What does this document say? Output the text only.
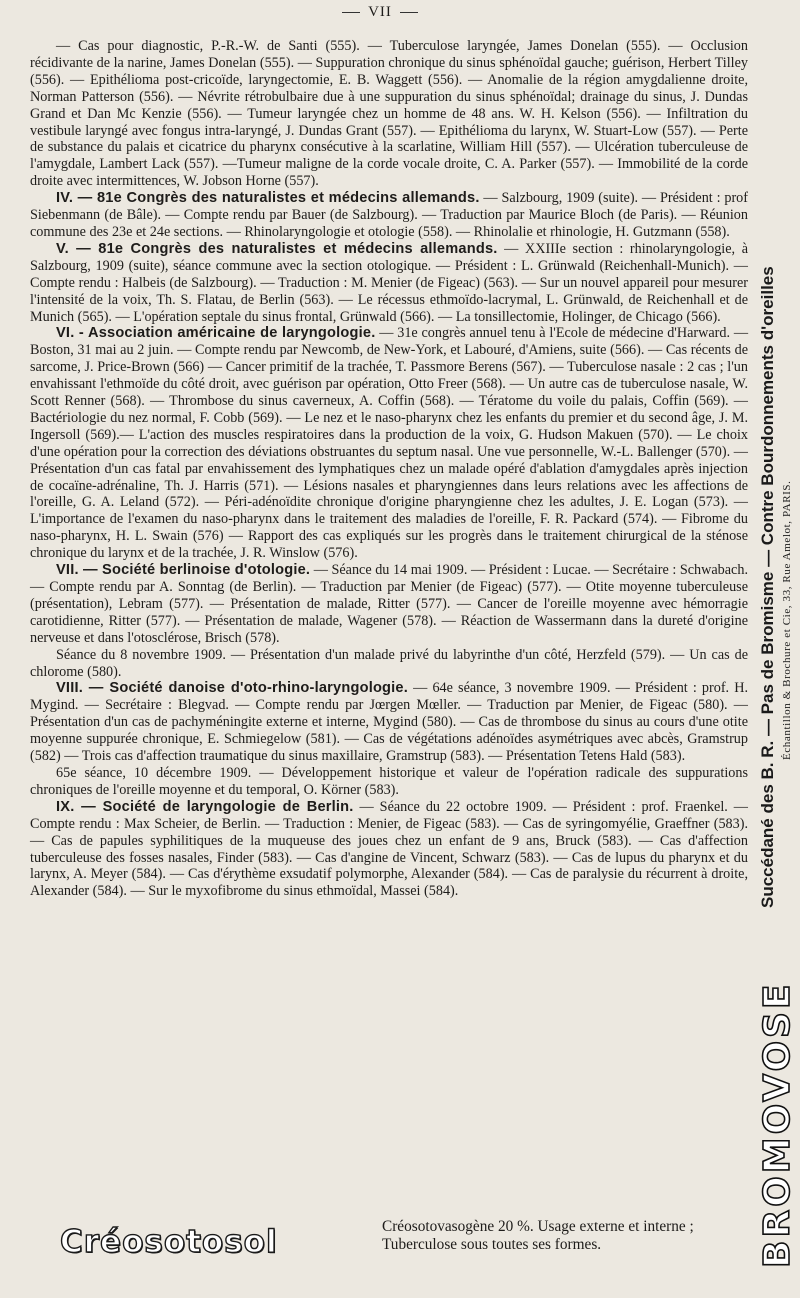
VII

— Cas pour diagnostic, P.-R.-W. de Santi (555). — Tuberculose laryngée, James Donelan (555). — Occlusion récidivante de la narine, James Donelan (555). — Suppuration chronique du sinus sphénoïdal gauche; guérison, Herbert Tilley (556). — Epithélioma post-cricoïde, laryngectomie, E. B. Waggett (556). — Anomalie de la région amygdalienne droite, Norman Patterson (556). — Névrite rétrobulbaire due à une suppuration du sinus sphénoïdal; drainage du sinus, J. Dundas Grand et Dan Mc Kenzie (556). — Tumeur laryngée chez un homme de 48 ans. W. H. Kelson (556). — Infiltration du vestibule laryngé avec fongus intra-laryngé, J. Dundas Grant (557). — Epithélioma du larynx, W. Stuart-Low (557). — Perte de substance du palais et cicatrice du pharynx consécutive à la scarlatine, William Hill (557). — Ulcération tuberculeuse de l'amygdale, Lambert Lack (557). —Tumeur maligne de la corde vocale droite, C. A. Parker (557). — Immobilité de la corde droite avec intermittences, W. Jobson Horne (557).

IV. — 81e Congrès des naturalistes et médecins allemands. — Salzbourg, 1909 (suite). — Président : prof Siebenmann (de Bâle). — Compte rendu par Bauer (de Salzbourg). — Traduction par Maurice Bloch (de Paris). — Réunion commune des 23e et 24e sections. — Rhinolaryngologie et otologie (558). — Rhinolalie et rhinologie, H. Gutzmann (558).

V. — 81e Congrès des naturalistes et médecins allemands. — XXIIIe section : rhinolaryngologie, à Salzbourg, 1909 (suite), séance commune avec la section otologique. — Président : L. Grünwald (Reichenhall-Munich). — Compte rendu : Halbeis (de Salzbourg). — Traduction : M. Menier (de Figeac) (563). — Sur un nouvel appareil pour mesurer l'intensité de la voix, Th. S. Flatau, de Berlin (563). — Le récessus ethmoïdo-lacrymal, L. Grünwald, de Reichenhall et de Munich (565). — L'opération septale du sinus frontal, Grünwald (566). — La tonsillectomie, Holinger, de Chicago (566).

VI. - Association américaine de laryngologie. — 31e congrès annuel tenu à l'Ecole de médecine d'Harward. — Boston, 31 mai au 2 juin. — Compte rendu par Newcomb, de New-York, et Labouré, d'Amiens, suite (566). — Cas récents de sarcome, J. Price-Brown (566) — Cancer primitif de la trachée, T. Passmore Berens (567). — Tuberculose nasale : 2 cas ; l'un envahissant l'ethmoïde du côté droit, avec guérison par opération, Otto Freer (568). — Un autre cas de tuberculose nasale, W. Scott Renner (568). — Thrombose du sinus caverneux, A. Coffin (568). — Tératome du voile du palais, Coffin (569). — Bactériologie du nez normal, F. Cobb (569). — Le nez et le naso-pharynx chez les enfants du premier et du second âge, J. M. Ingersoll (569).— L'action des muscles respiratoires dans la production de la voix, G. Hudson Makuen (570). — Le choix d'une opération pour la correction des déviations obstruantes du septum nasal. Une vue personnelle, W.-L. Ballenger (570). — Présentation d'un cas fatal par envahissement des lymphatiques chez un malade opéré d'ablation d'amygdales après injection de cocaïne-adrénaline, Th. J. Harris (571). — Lésions nasales et pharyngiennes dans leurs relations avec les affections de l'oreille, G. A. Leland (572). — Péri-adénoïdite chronique d'origine pharyngienne chez les adultes, J. E. Logan (573). — L'importance de l'examen du naso-pharynx dans le traitement des maladies de l'oreille, F. R. Packard (574). — Fibrome du naso-pharynx, H. L. Swain (576) — Rapport des cas expliqués sur les progrès dans le traitement chirurgical de la sténose chronique du larynx et de la trachée, J. R. Winslow (576).

VII. — Société berlinoise d'otologie. — Séance du 14 mai 1909. — Président : Lucae. — Secrétaire : Schwabach. — Compte rendu par A. Sonntag (de Berlin). — Traduction par Menier (de Figeac) (577). — Otite moyenne tuberculeuse (présentation), Lebram (577). — Présentation de malade, Ritter (577). — Cancer de l'oreille moyenne avec hémorragie carotidienne, Ritter (577). — Présentation de malade, Wagener (578). — Réaction de Wassermann dans la dureté d'origine nerveuse et dans l'otosclérose, Brisch (578).

Séance du 8 novembre 1909. — Présentation d'un malade privé du labyrinthe d'un côté, Herzfeld (579). — Un cas de chlorome (580).

VIII. — Société danoise d'oto-rhino-laryngologie. — 64e séance, 3 novembre 1909. — Président : prof. H. Mygind. — Secrétaire : Blegvad. — Compte rendu par Jœrgen Mœller. — Traduction par Menier, de Figeac (580). — Présentation d'un cas de pachyméningite externe et interne, Mygind (580). — Cas de thrombose du sinus au cours d'une otite moyenne suppurée chronique, E. Schmiegelow (581). — Cas de végétations adénoïdes asymétriques avec abcès, Gramstrup (582) — Trois cas d'affection traumatique du sinus maxillaire, Gramstrup (583). — Présentation Tetens Hald (583).

65e séance, 10 décembre 1909. — Développement historique et valeur de l'opération radicale des suppurations chroniques de l'oreille moyenne et du temporal, O. Körner (583).

IX. — Société de laryngologie de Berlin. — Séance du 22 octobre 1909. — Président : prof. Fraenkel. — Compte rendu : Max Scheier, de Berlin. — Traduction : Menier, de Figeac (583). — Cas de syringomyélie, Graeffner (583). — Cas de papules syphilitiques de la muqueuse des joues chez un enfant de 9 ans, Bruck (583). — Cas d'affection tuberculeuse des fosses nasales, Finder (583). — Cas d'angine de Vincent, Schwarz (583). — Cas de lupus du pharynx et du larynx, A. Meyer (584). — Cas d'érythème exsudatif polymorphe, Alexander (584). — Cas de paralysie du récurrent à droite, Alexander (584). — Sur le myxofibrome du sinus ethmoïdal, Massei (584).

Créosotosol	Créosotovasogène 20 %. Usage externe et interne ; Tuberculose sous toutes ses formes.	BROMOVOSE
Succédané des B. R. — Pas de Bromisme — Contre Bourdonnements d'oreilles Échantillon & Brochure et Cie, 33, Rue Amelot, PARIS.
